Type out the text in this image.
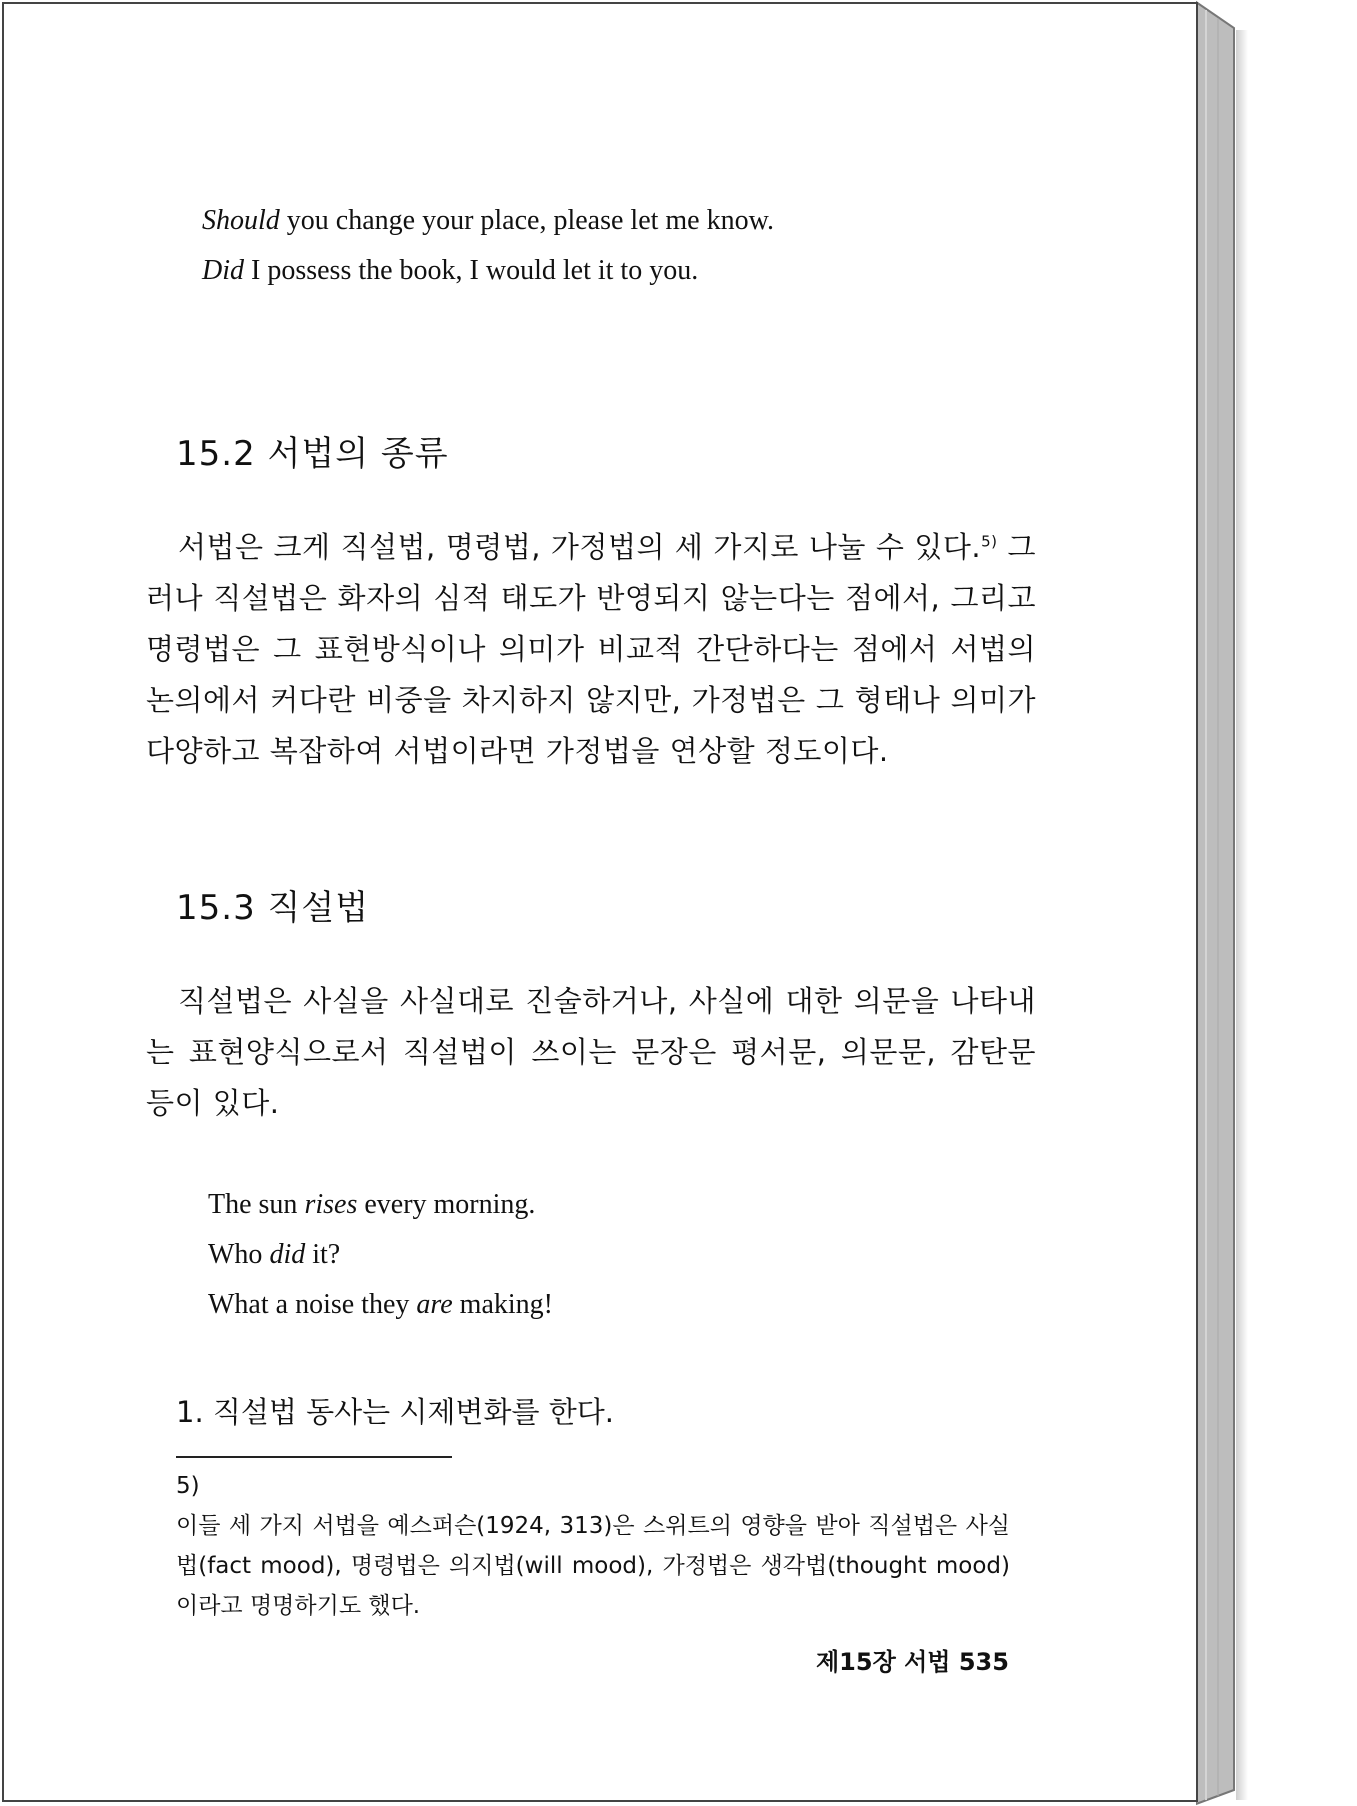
Should you change your place, please let me know.

Did I possess the book, I would let it to you.

15.2 서법의 종류

서법은 크게 직설법, 명령법, 가정법의 세 가지로 나눌 수 있다.$^{5)}$ 그러나 직설법은 화자의 심적 태도가 반영되지 않는다는 점에서, 그리고 명령법은 그 표현방식이나 의미가 비교적 간단하다는 점에서 서법의 논의에서 커다란 비중을 차지하지 않지만, 가정법은 그 형태나 의미가 다양하고 복잡하여 서법이라면 가정법을 연상할 정도이다.

15.3 직설법

직설법은 사실을 사실대로 진술하거나, 사실에 대한 의문을 나타내는 표현양식으로서 직설법이 쓰이는 문장은 평서문, 의문문, 감탄문 등이 있다.

The sun rises every morning.

Who did it?

What a noise they are making!

1. 직설법 동사는 시제변화를 한다.

5) 이들 세 가지 서법을 예스퍼슨(1924, 313)은 스위트의 영향을 받아 직설법은 사실법(fact mood), 명령법은 의지법(will mood), 가정법은 생각법(thought mood)이라고 명명하기도 했다.

제15장 서법 535
